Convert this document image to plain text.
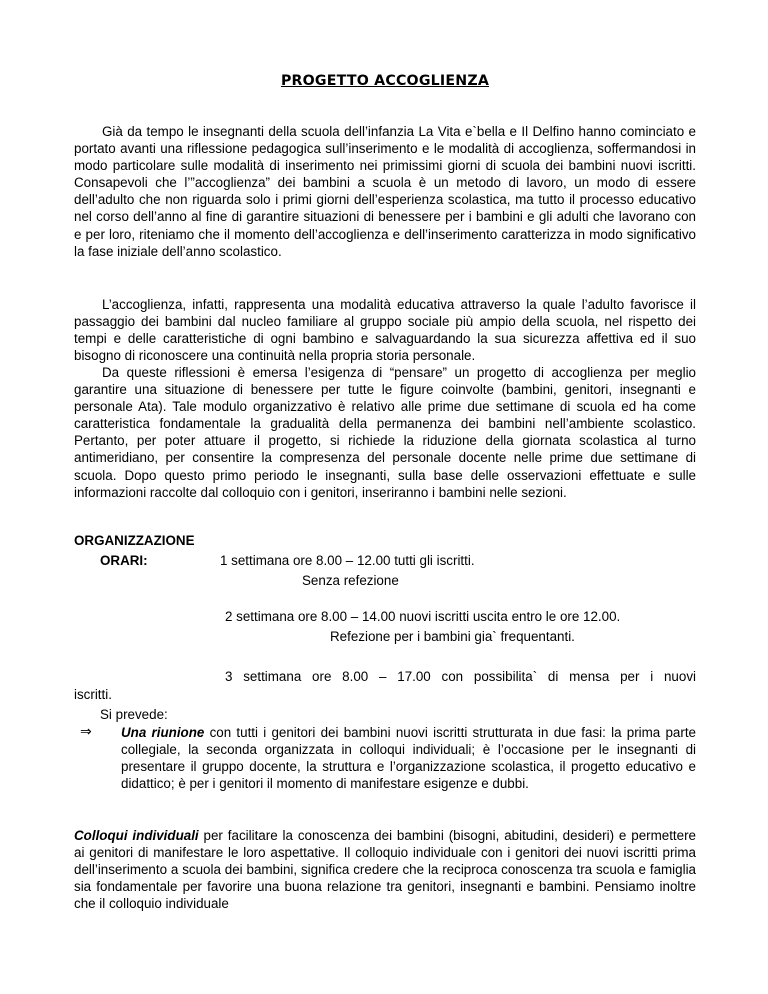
PROGETTO ACCOGLIENZA

Già da tempo le insegnanti della scuola dell’infanzia La Vita e`bella e Il Delfino hanno cominciato e portato avanti una riflessione pedagogica sull’inserimento e le modalità di accoglienza, soffermandosi in modo particolare sulle modalità di inserimento nei primissimi giorni di scuola dei bambini nuovi iscritti. Consapevoli che l’”accoglienza” dei bambini a scuola è un metodo di lavoro, un modo di essere dell’adulto che non riguarda solo i primi giorni dell’esperienza scolastica, ma tutto il processo educativo nel corso dell’anno al fine di garantire situazioni di benessere per i bambini e gli adulti che lavorano con e per loro, riteniamo che il momento dell’accoglienza e dell’inserimento caratterizza in modo significativo la fase iniziale dell’anno scolastico.

L’accoglienza, infatti, rappresenta una modalità educativa attraverso la quale l’adulto favorisce il passaggio dei bambini dal nucleo familiare al gruppo sociale più ampio della scuola, nel rispetto dei tempi e delle caratteristiche di ogni bambino e salvaguardando la sua sicurezza affettiva ed il suo bisogno di riconoscere una continuità nella propria storia personale.

Da queste riflessioni è emersa l’esigenza di “pensare” un progetto di accoglienza per meglio garantire una situazione di benessere per tutte le figure coinvolte (bambini, genitori, insegnanti e personale Ata). Tale modulo organizzativo è relativo alle prime due settimane di scuola ed ha come caratteristica fondamentale la gradualità della permanenza dei bambini nell’ambiente scolastico. Pertanto, per poter attuare il progetto, si richiede la riduzione della giornata scolastica al turno antimeridiano, per consentire la compresenza del personale docente nelle prime due settimane di scuola. Dopo questo primo periodo le insegnanti, sulla base delle osservazioni effettuate e sulle informazioni raccolte dal colloquio con i genitori, inseriranno i bambini nelle sezioni.

ORGANIZZAZIONE
ORARI:	1 settimana ore 8.00 – 12.00 tutti gli iscritti.
Senza refezione
2 settimana ore 8.00 – 14.00 nuovi iscritti uscita entro le ore 12.00.
Refezione per i bambini gia` frequentanti.
3 settimana ore 8.00 – 17.00 con possibilita` di mensa per i nuovi
iscritti.
Si prevede:
⇒ Una riunione con tutti i genitori dei bambini nuovi iscritti strutturata in due fasi: la prima parte collegiale, la seconda organizzata in colloqui individuali; è l’occasione per le insegnanti di presentare il gruppo docente, la struttura e l’organizzazione scolastica, il progetto educativo e didattico; è per i genitori il momento di manifestare esigenze e dubbi.

Colloqui individuali per facilitare la conoscenza dei bambini (bisogni, abitudini, desideri) e permettere ai genitori di manifestare le loro aspettative. Il colloquio individuale con i genitori dei nuovi iscritti prima dell’inserimento a scuola dei bambini, significa credere che la reciproca conoscenza tra scuola e famiglia sia fondamentale per favorire una buona relazione tra genitori, insegnanti e bambini. Pensiamo inoltre che il colloquio individuale
